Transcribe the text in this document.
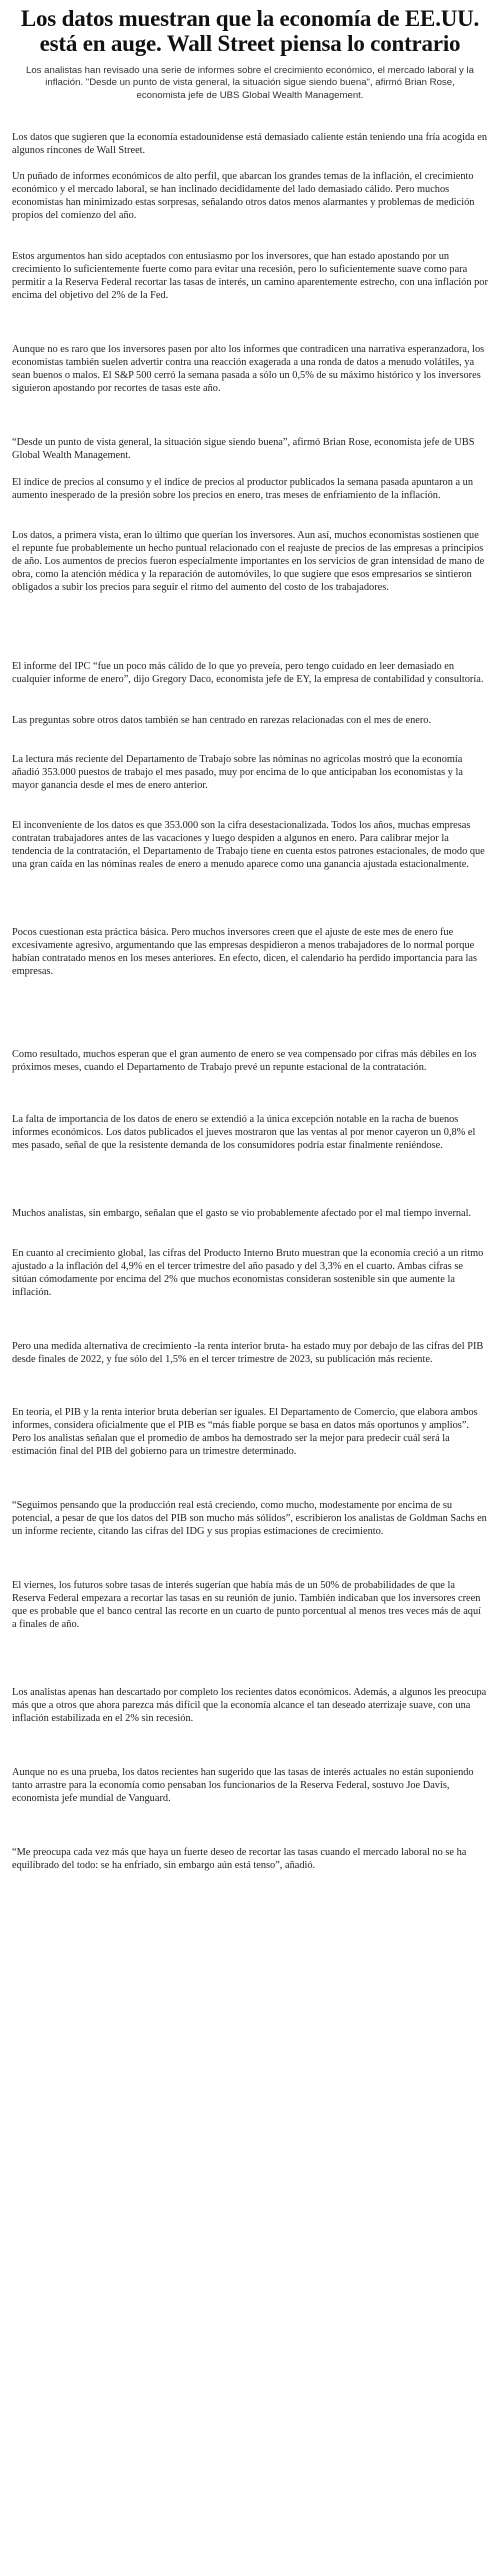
Los datos muestran que la economía de EE.UU. está en auge. Wall Street piensa lo contrario

Los analistas han revisado una serie de informes sobre el crecimiento económico, el mercado laboral y la inflación. "Desde un punto de vista general, la situación sigue siendo buena", afirmó Brian Rose, economista jefe de UBS Global Wealth Management.

Los datos que sugieren que la economía estadounidense está demasiado caliente están teniendo una fría acogida en algunos rincones de Wall Street.

Un puñado de informes económicos de alto perfil, que abarcan los grandes temas de la inflación, el crecimiento económico y el mercado laboral, se han inclinado decididamente del lado demasiado cálido. Pero muchos economistas han minimizado estas sorpresas, señalando otros datos menos alarmantes y problemas de medición propios del comienzo del año.

Estos argumentos han sido aceptados con entusiasmo por los inversores, que han estado apostando por un crecimiento lo suficientemente fuerte como para evitar una recesión, pero lo suficientemente suave como para permitir a la Reserva Federal recortar las tasas de interés, un camino aparentemente estrecho, con una inflación por encima del objetivo del 2% de la Fed.

Aunque no es raro que los inversores pasen por alto los informes que contradicen una narrativa esperanzadora, los economistas también suelen advertir contra una reacción exagerada a una ronda de datos a menudo volátiles, ya sean buenos o malos. El S&P 500 cerró la semana pasada a sólo un 0,5% de su máximo histórico y los inversores siguieron apostando por recortes de tasas este año.

“Desde un punto de vista general, la situación sigue siendo buena”, afirmó Brian Rose, economista jefe de UBS Global Wealth Management.

El índice de precios al consumo y el índice de precios al productor publicados la semana pasada apuntaron a un aumento inesperado de la presión sobre los precios en enero, tras meses de enfriamiento de la inflación.

Los datos, a primera vista, eran lo último que querían los inversores. Aun así, muchos economistas sostienen que el repunte fue probablemente un hecho puntual relacionado con el reajuste de precios de las empresas a principios de año. Los aumentos de precios fueron especialmente importantes en los servicios de gran intensidad de mano de obra, como la atención médica y la reparación de automóviles, lo que sugiere que esos empresarios se sintieron obligados a subir los precios para seguir el ritmo del aumento del costo de los trabajadores.

El informe del IPC “fue un poco más cálido de lo que yo preveía, pero tengo cuidado en leer demasiado en cualquier informe de enero”, dijo Gregory Daco, economista jefe de EY, la empresa de contabilidad y consultoría.

Las preguntas sobre otros datos también se han centrado en rarezas relacionadas con el mes de enero.

La lectura más reciente del Departamento de Trabajo sobre las nóminas no agrícolas mostró que la economía añadió 353.000 puestos de trabajo el mes pasado, muy por encima de lo que anticipaban los economistas y la mayor ganancia desde el mes de enero anterior.

El inconveniente de los datos es que 353.000 son la cifra desestacionalizada. Todos los años, muchas empresas contratan trabajadores antes de las vacaciones y luego despiden a algunos en enero. Para calibrar mejor la tendencia de la contratación, el Departamento de Trabajo tiene en cuenta estos patrones estacionales, de modo que una gran caída en las nóminas reales de enero a menudo aparece como una ganancia ajustada estacionalmente.

Pocos cuestionan esta práctica básica. Pero muchos inversores creen que el ajuste de este mes de enero fue excesivamente agresivo, argumentando que las empresas despidieron a menos trabajadores de lo normal porque habían contratado menos en los meses anteriores. En efecto, dicen, el calendario ha perdido importancia para las empresas.

Como resultado, muchos esperan que el gran aumento de enero se vea compensado por cifras más débiles en los próximos meses, cuando el Departamento de Trabajo prevé un repunte estacional de la contratación.

La falta de importancia de los datos de enero se extendió a la única excepción notable en la racha de buenos informes económicos. Los datos publicados el jueves mostraron que las ventas al por menor cayeron un 0,8% el mes pasado, señal de que la resistente demanda de los consumidores podría estar finalmente reniéndose.

Muchos analistas, sin embargo, señalan que el gasto se vio probablemente afectado por el mal tiempo invernal.

En cuanto al crecimiento global, las cifras del Producto Interno Bruto muestran que la economía creció a un ritmo ajustado a la inflación del 4,9% en el tercer trimestre del año pasado y del 3,3% en el cuarto. Ambas cifras se sitúan cómodamente por encima del 2% que muchos economistas consideran sostenible sin que aumente la inflación.

Pero una medida alternativa de crecimiento -la renta interior bruta- ha estado muy por debajo de las cifras del PIB desde finales de 2022, y fue sólo del 1,5% en el tercer trimestre de 2023, su publicación más reciente.

En teoría, el PIB y la renta interior bruta deberían ser iguales. El Departamento de Comercio, que elabora ambos informes, considera oficialmente que el PIB es “más fiable porque se basa en datos más oportunos y amplios”. Pero los analistas señalan que el promedio de ambos ha demostrado ser la mejor para predecir cuál será la estimación final del PIB del gobierno para un trimestre determinado.

“Seguimos pensando que la producción real está creciendo, como mucho, modestamente por encima de su potencial, a pesar de que los datos del PIB son mucho más sólidos”, escribieron los analistas de Goldman Sachs en un informe reciente, citando las cifras del IDG y sus propias estimaciones de crecimiento.

El viernes, los futuros sobre tasas de interés sugerían que había más de un 50% de probabilidades de que la Reserva Federal empezara a recortar las tasas en su reunión de junio. También indicaban que los inversores creen que es probable que el banco central las recorte en un cuarto de punto porcentual al menos tres veces más de aquí a finales de año.

Los analistas apenas han descartado por completo los recientes datos económicos. Además, a algunos les preocupa más que a otros que ahora parezca más difícil que la economía alcance el tan deseado aterrizaje suave, con una inflación estabilizada en el 2% sin recesión.

Aunque no es una prueba, los datos recientes han sugerido que las tasas de interés actuales no están suponiendo tanto arrastre para la economía como pensaban los funcionarios de la Reserva Federal, sostuvo Joe Davis, economista jefe mundial de Vanguard.

“Me preocupa cada vez más que haya un fuerte deseo de recortar las tasas cuando el mercado laboral no se ha equilibrado del todo: se ha enfriado, sin embargo aún está tenso”, añadió.
